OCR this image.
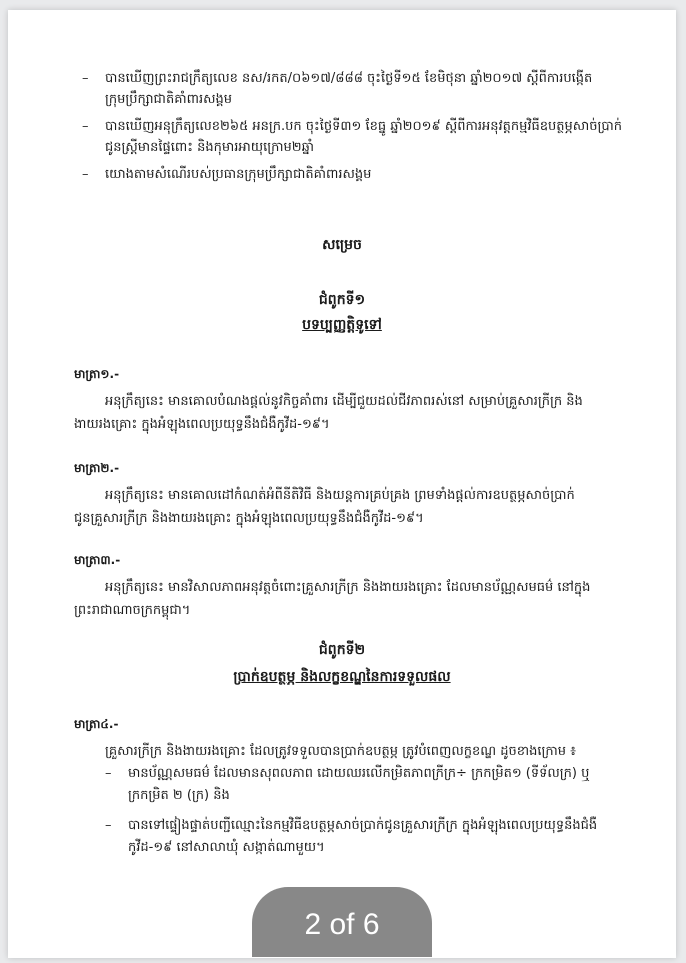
– បានឃើញព្រះរាជក្រឹត្យលេខ នស/រកត/០៦១៧/៨៨៨ ចុះថ្ងៃទី១៥ ខែមិថុនា ឆ្នាំ២០១៧ ស្តីពីការបង្កើត
ក្រុមប្រឹក្សាជាតិគាំពារសង្គម
– បានឃើញអនុក្រឹត្យលេខ២៦៥ អនក្រ.បក ចុះថ្ងៃទី៣១ ខែធ្នូ ឆ្នាំ២០១៩ ស្តីពីការអនុវត្តកម្មវិធីឧបត្ថម្ភសាច់ប្រាក់
ជូនស្ត្រីមានផ្ទៃពោះ និងកុមារអាយុក្រោម២ឆ្នាំ
– យោងតាមសំណើរបស់ប្រធានក្រុមប្រឹក្សាជាតិគាំពារសង្គម
សម្រេច
ជំពូកទី១
បទប្បញ្ញត្តិទូទៅ
មាត្រា១.-
អនុក្រឹត្យនេះ មានគោលបំណងផ្តល់នូវកិច្ចគាំពារ ដើម្បីជួយដល់ជីវភាពរស់នៅ សម្រាប់គ្រួសារក្រីក្រ និង
ងាយរងគ្រោះ ក្នុងអំឡុងពេលប្រយុទ្ធនឹងជំងឺកូវីដ-១៩។
មាត្រា២.-
អនុក្រឹត្យនេះ មានគោលដៅកំណត់អំពីនីតិវិធី និងយន្តការគ្រប់គ្រង ព្រមទាំងផ្តល់ការឧបត្ថម្ភសាច់ប្រាក់
ជូនគ្រួសារក្រីក្រ និងងាយរងគ្រោះ ក្នុងអំឡុងពេលប្រយុទ្ធនឹងជំងឺកូវីដ-១៩។
មាត្រា៣.-
អនុក្រឹត្យនេះ មានវិសាលភាពអនុវត្តចំពោះគ្រួសារក្រីក្រ និងងាយរងគ្រោះ ដែលមានប័ណ្ណសមធម៌ នៅក្នុង
ព្រះរាជាណាចក្រកម្ពុជា។
ជំពូកទី២
ប្រាក់ឧបត្ថម្ភ និងលក្ខខណ្ឌនៃការទទួលផល
មាត្រា៤.-
គ្រួសារក្រីក្រ និងងាយរងគ្រោះ ដែលត្រូវទទួលបានប្រាក់ឧបត្ថម្ភ ត្រូវបំពេញលក្ខខណ្ឌ ដូចខាងក្រោម ៖
– មានប័ណ្ណសមធម៌ ដែលមានសុពលភាព ដោយឈរលើកម្រិតភាពក្រីក្រ÷ ក្រកម្រិត១ (ទីទ័លក្រ) ឬ
ក្រកម្រិត ២ (ក្រ) និង
– បានទៅផ្ទៀងផ្ទាត់បញ្ជីឈ្មោះនៃកម្មវិធីឧបត្ថម្ភសាច់ប្រាក់ជូនគ្រួសារក្រីក្រ ក្នុងអំឡុងពេលប្រយុទ្ធនឹងជំងឺ
កូវីដ-១៩ នៅសាលាឃុំ សង្កាត់ណាមួយ។
2 of 6
